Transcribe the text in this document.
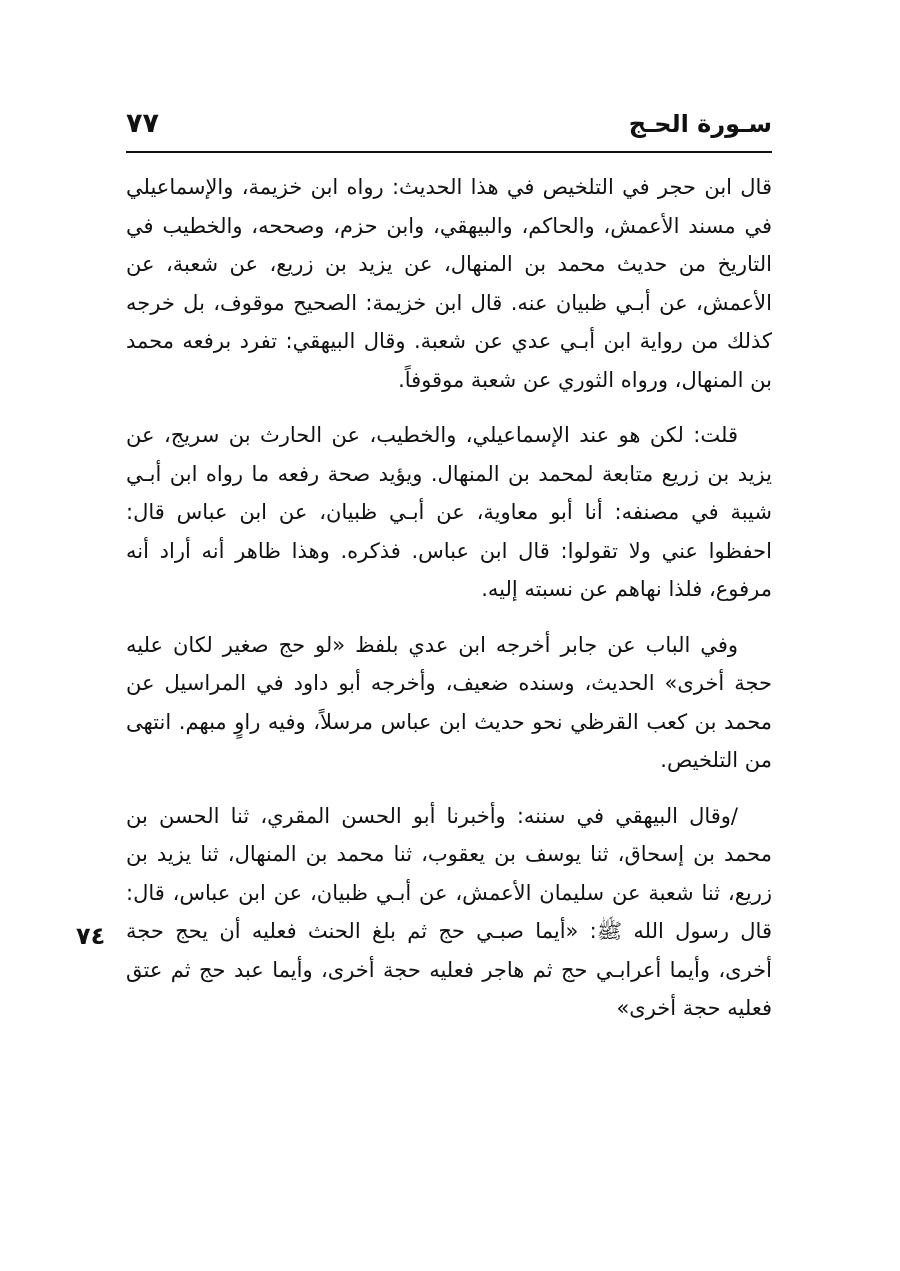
سـورة الحـج
٧٧

قال ابن حجر في التلخيص في هذا الحديث: رواه ابن خزيمة، والإسماعيلي في مسند الأعمش، والحاكم، والبيهقي، وابن حزم، وصححه، والخطيب في التاريخ من حديث محمد بن المنهال، عن يزيد بن زريع، عن شعبة، عن الأعمش، عن أبـي ظبيان عنه. قال ابن خزيمة: الصحيح موقوف، بل خرجه كذلك من رواية ابن أبـي عدي عن شعبة. وقال البيهقي: تفرد برفعه محمد بن المنهال، ورواه الثوري عن شعبة موقوفاً.

قلت: لكن هو عند الإسماعيلي، والخطيب، عن الحارث بن سريج، عن يزيد بن زريع متابعة لمحمد بن المنهال. ويؤيد صحة رفعه ما رواه ابن أبـي شيبة في مصنفه: أنا أبو معاوية، عن أبـي ظبيان، عن ابن عباس قال: احفظوا عني ولا تقولوا: قال ابن عباس. فذكره. وهذا ظاهر أنه أراد أنه مرفوع، فلذا نهاهم عن نسبته إليه.

وفي الباب عن جابر أخرجه ابن عدي بلفظ «لو حج صغير لكان عليه حجة أخرى» الحديث، وسنده ضعيف، وأخرجه أبو داود في المراسيل عن محمد بن كعب القرظي نحو حديث ابن عباس مرسلاً، وفيه راوٍ مبهم. انتهى من التلخيص.

/وقال البيهقي في سننه: وأخبرنا أبو الحسن المقري، ثنا الحسن بن محمد بن إسحاق، ثنا يوسف بن يعقوب، ثنا محمد بن المنهال، ثنا يزيد بن زريع، ثنا شعبة عن سليمان الأعمش، عن أبـي ظبيان، عن ابن عباس، قال: قال رسول الله ﷺ: «أيما صبـي حج ثم بلغ الحنث فعليه أن يحج حجة أخرى، وأيما أعرابـي حج ثم هاجر فعليه حجة أخرى، وأيما عبد حج ثم عتق فعليه حجة أخرى»

٧٤
